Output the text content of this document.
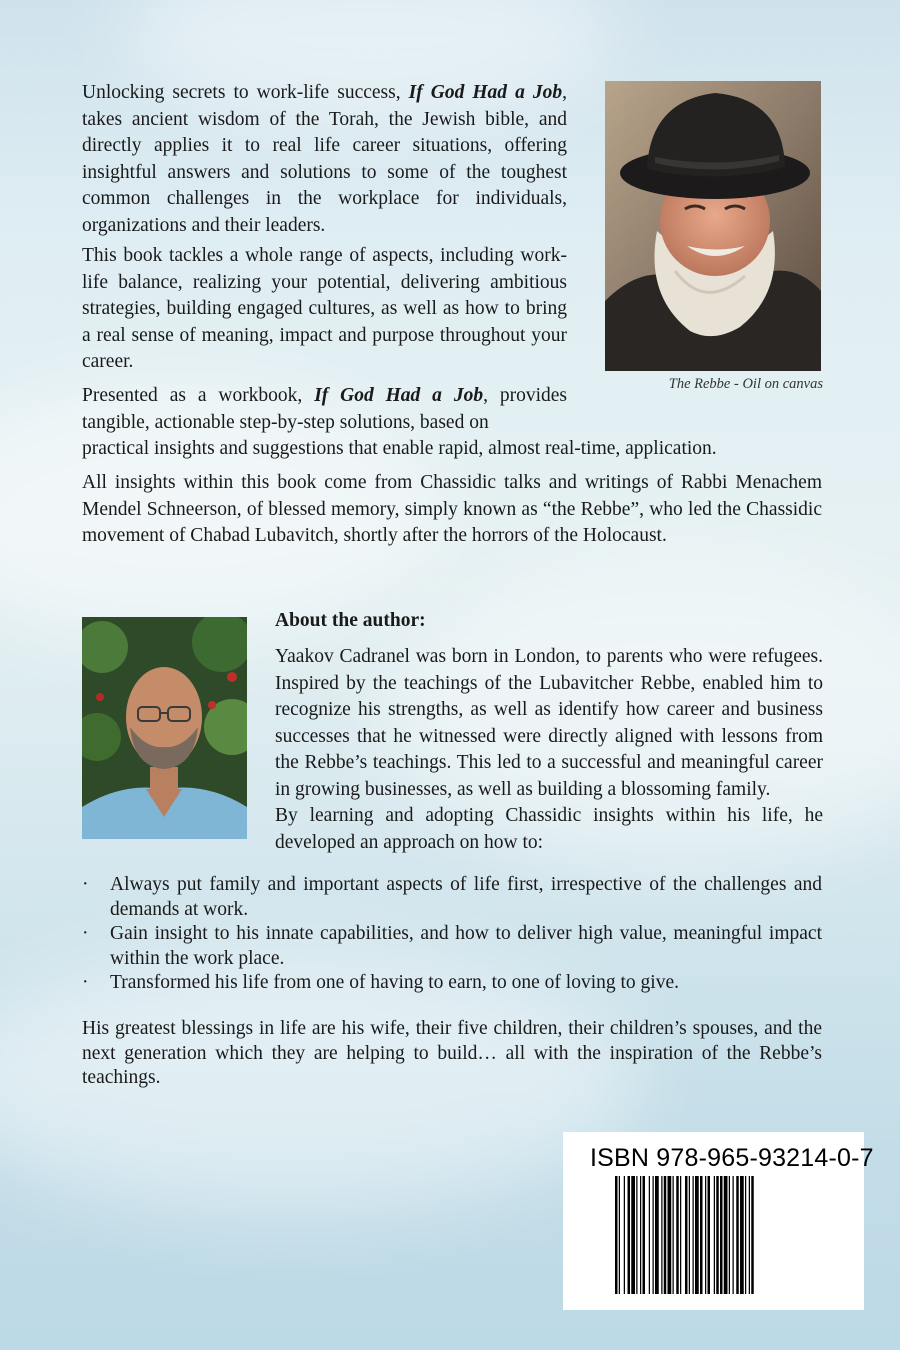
Unlocking secrets to work-life success, If God Had a Job, takes ancient wisdom of the Torah, the Jewish bible, and directly applies it to real life career situations, offering insightful answers and solutions to some of the toughest common challenges in the workplace for individuals, organizations and their leaders.

This book tackles a whole range of aspects, including work-life balance, realizing your potential, delivering ambitious strategies, building engaged cultures, as well as how to bring a real sense of meaning, impact and purpose throughout your career.

Presented as a workbook, If God Had a Job, provides tangible, actionable step-by-step solutions, based on

practical insights and suggestions that enable rapid, almost real-time, application.

All insights within this book come from Chassidic talks and writings of Rabbi Menachem Mendel Schneerson, of blessed memory, simply known as “the Rebbe”, who led the Chassidic movement of Chabad Lubavitch, shortly after the horrors of the Holocaust.

The Rebbe - Oil on canvas
About the author:

Yaakov Cadranel was born in London, to parents who were refugees. Inspired by the teachings of the Lubavitcher Rebbe, enabled him to recognize his strengths, as well as identify how career and business successes that he witnessed were directly aligned with lessons from the Rebbe’s teachings. This led to a successful and meaningful career in growing businesses, as well as building a blossoming family.

By learning and adopting Chassidic insights within his life, he developed an approach on how to:

· Always put family and important aspects of life first, irrespective of the challenges and demands at work.
· Gain insight to his innate capabilities, and how to deliver high value, meaningful impact within the work place.
· Transformed his life from one of having to earn, to one of loving to give.

His greatest blessings in life are his wife, their five children, their children’s spouses, and the next generation which they are helping to build… all with the inspiration of the Rebbe’s teachings.

ISBN 978-965-93214-0-7
